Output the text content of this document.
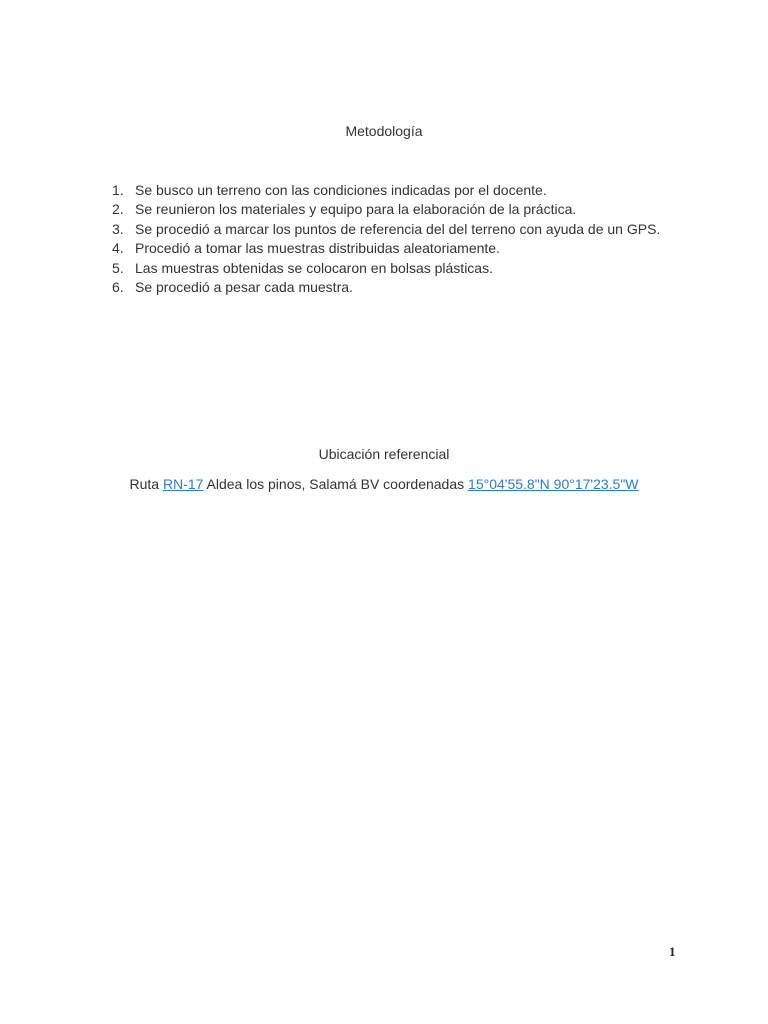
Metodología
1. Se busco un terreno con las condiciones indicadas por el docente.
2. Se reunieron los materiales y equipo para la elaboración de la práctica.
3. Se procedió a marcar los puntos de referencia del del terreno con ayuda de un GPS.
4. Procedió a tomar las muestras distribuidas aleatoriamente.
5. Las muestras obtenidas se colocaron en bolsas plásticas.
6. Se procedió a pesar cada muestra.
Ubicación referencial
Ruta RN-17 Aldea los pinos, Salamá BV coordenadas 15°04'55.8"N 90°17'23.5"W
1
